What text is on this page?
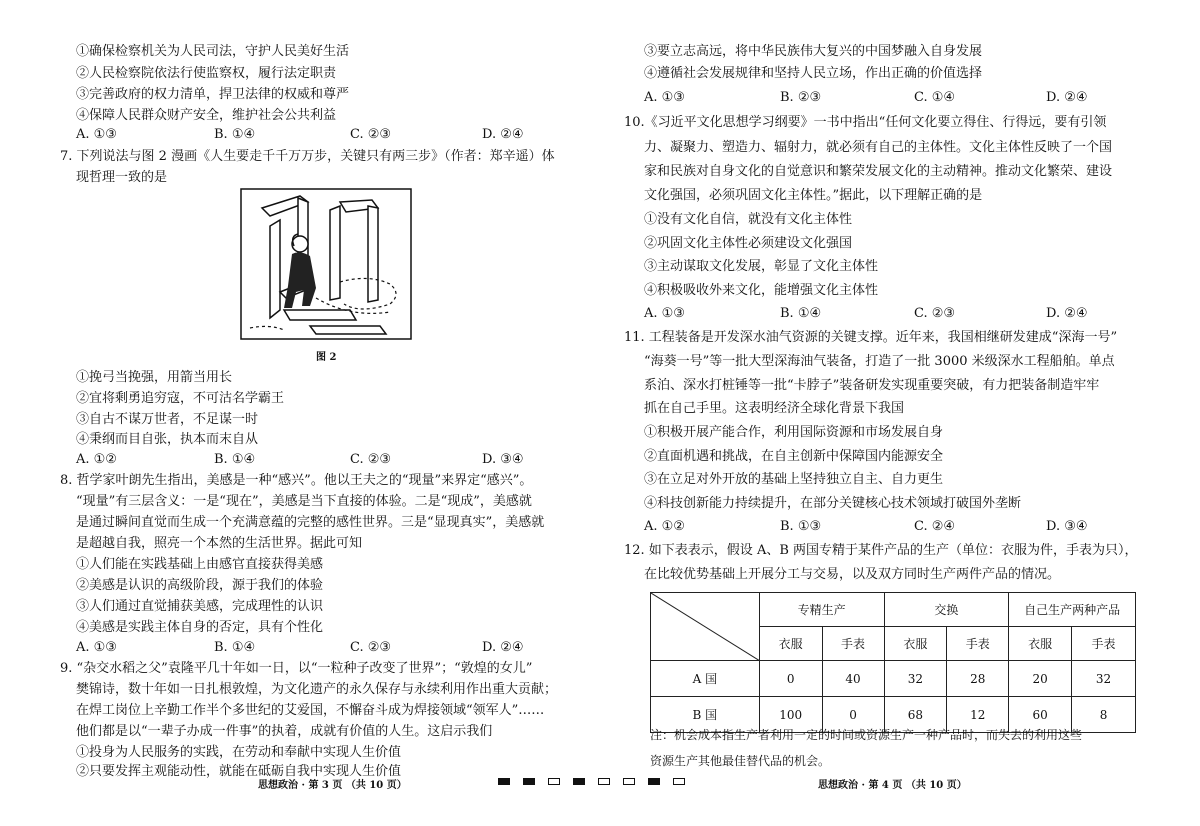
①确保检察机关为人民司法，守护人民美好生活
②人民检察院依法行使监察权，履行法定职责
③完善政府的权力清单，捍卫法律的权威和尊严
④保障人民群众财产安全，维护社会公共利益
A. ①③	B. ①④	C. ②③	D. ②④
7. 下列说法与图 2 漫画《人生要走千千万万步，关键只有两三步》（作者：郑辛遥）体
现哲理一致的是
图 2
①挽弓当挽强，用箭当用长
②宜将剩勇追穷寇，不可沽名学霸王
③自古不谋万世者，不足谋一时
④秉纲而目自张，执本而末自从
A. ①②	B. ①④	C. ②③	D. ③④
8. 哲学家叶朗先生指出，美感是一种“感兴”。他以王夫之的“现量”来界定“感兴”。
“现量”有三层含义：一是“现在”，美感是当下直接的体验。二是“现成”，美感就
是通过瞬间直觉而生成一个充满意蕴的完整的感性世界。三是“显现真实”，美感就
是超越自我，照亮一个本然的生活世界。据此可知
①人们能在实践基础上由感官直接获得美感
②美感是认识的高级阶段，源于我们的体验
③人们通过直觉捕获美感，完成理性的认识
④美感是实践主体自身的否定，具有个性化
A. ①③	B. ①④	C. ②③	D. ②④
9. “杂交水稻之父”袁隆平几十年如一日，以“一粒种子改变了世界”；“敦煌的女儿”
樊锦诗，数十年如一日扎根敦煌，为文化遗产的永久保存与永续利用作出重大贡献；
在焊工岗位上辛勤工作半个多世纪的艾爱国，不懈奋斗成为焊接领域“领军人”……
他们都是以“一辈子办成一件事”的执着，成就有价值的人生。这启示我们
①投身为人民服务的实践，在劳动和奉献中实现人生价值
②只要发挥主观能动性，就能在砥砺自我中实现人生价值
思想政治 · 第 3 页 （共 10 页）
③要立志高远，将中华民族伟大复兴的中国梦融入自身发展
④遵循社会发展规律和坚持人民立场，作出正确的价值选择
A. ①③	B. ②③	C. ①④	D. ②④
10.《习近平文化思想学习纲要》一书中指出“任何文化要立得住、行得远，要有引领
力、凝聚力、塑造力、辐射力，就必须有自己的主体性。文化主体性反映了一个国
家和民族对自身文化的自觉意识和繁荣发展文化的主动精神。推动文化繁荣、建设
文化强国，必须巩固文化主体性。”据此，以下理解正确的是
①没有文化自信，就没有文化主体性
②巩固文化主体性必须建设文化强国
③主动谋取文化发展，彰显了文化主体性
④积极吸收外来文化，能增强文化主体性
A. ①③	B. ①④	C. ②③	D. ②④
11. 工程装备是开发深水油气资源的关键支撑。近年来，我国相继研发建成“深海一号”
“海葵一号”等一批大型深海油气装备，打造了一批 3000 米级深水工程船舶。单点
系泊、深水打桩锤等一批“卡脖子”装备研发实现重要突破，有力把装备制造牢牢
抓在自己手里。这表明经济全球化背景下我国
①积极开展产能合作，利用国际资源和市场发展自身
②直面机遇和挑战，在自主创新中保障国内能源安全
③在立足对外开放的基础上坚持独立自主、自力更生
④科技创新能力持续提升，在部分关键核心技术领域打破国外垄断
A. ①②	B. ①③	C. ②④	D. ③④
12. 如下表表示，假设 A、B 两国专精于某件产品的生产（单位：衣服为件，手表为只），
在比较优势基础上开展分工与交易，以及双方同时生产两件产品的情况。
	专精生产		交换		自己生产两种产品	
	衣服	手表	衣服	手表	衣服	手表
A 国	0	40	32	28	20	32
B 国	100	0	68	12	60	8
注：机会成本指生产者利用一定的时间或资源生产一种产品时，而失去的利用这些
资源生产其他最佳替代品的机会。
思想政治 · 第 4 页 （共 10 页）
